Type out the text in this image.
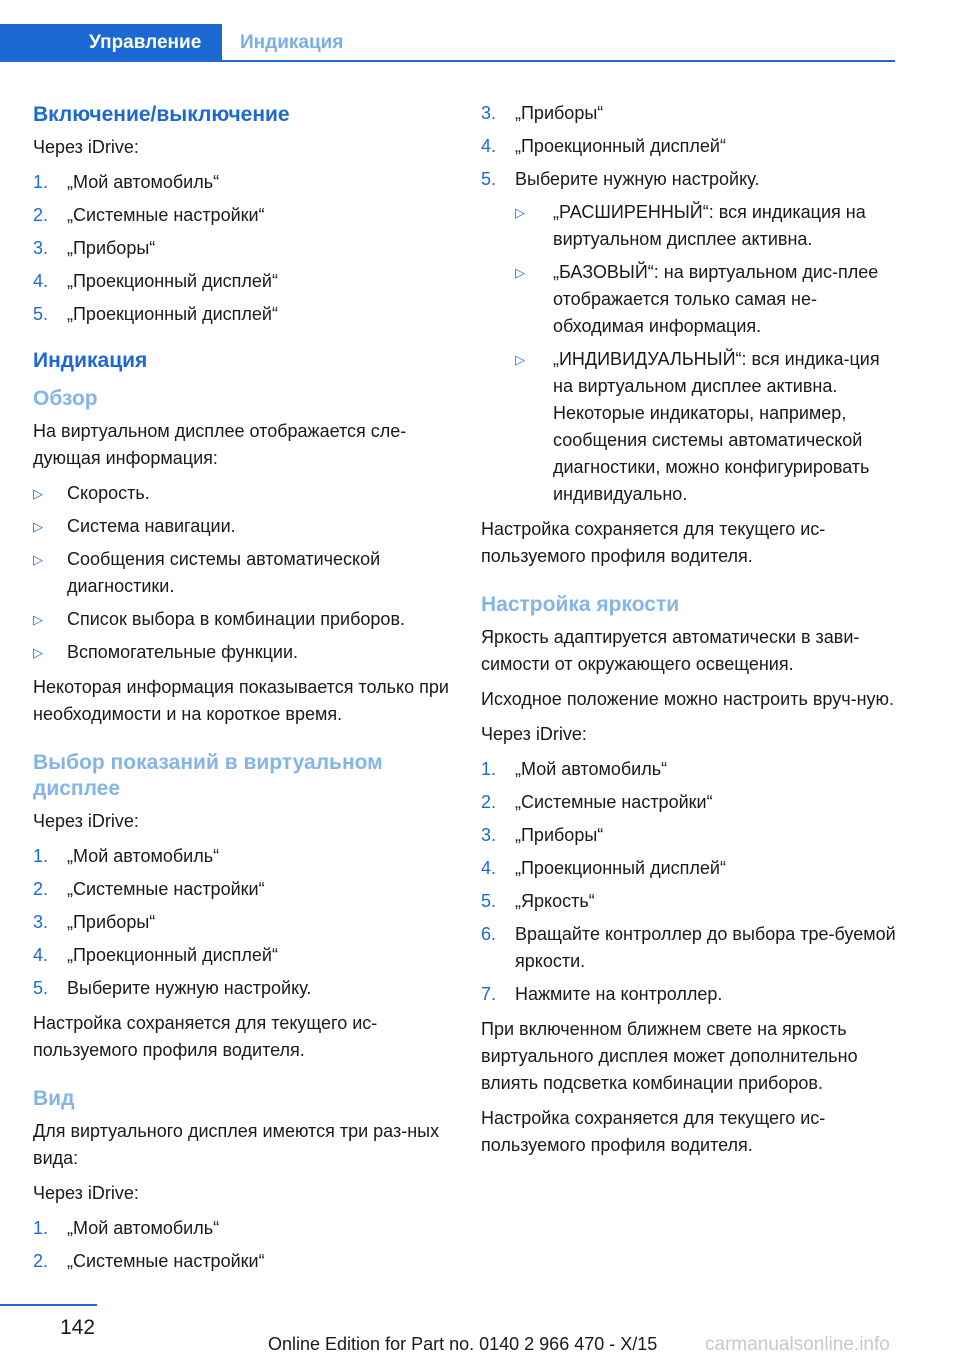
Управление	Индикация
Включение/выключение
Через iDrive:
1. „Мой автомобиль“
2. „Системные настройки“
3. „Приборы“
4. „Проекционный дисплей“
5. „Проекционный дисплей“
Индикация
Обзор
На виртуальном дисплее отображается сле-дующая информация:
▷ Скорость.
▷ Система навигации.
▷ Сообщения системы автоматической диагностики.
▷ Список выбора в комбинации приборов.
▷ Вспомогательные функции.
Некоторая информация показывается только при необходимости и на короткое время.
Выбор показаний в виртуальном дисплее
Через iDrive:
1. „Мой автомобиль“
2. „Системные настройки“
3. „Приборы“
4. „Проекционный дисплей“
5. Выберите нужную настройку.
Настройка сохраняется для текущего ис-пользуемого профиля водителя.
Вид
Для виртуального дисплея имеются три раз-ных вида:
Через iDrive:
1. „Мой автомобиль“
2. „Системные настройки“
3. „Приборы“
4. „Проекционный дисплей“
5. Выберите нужную настройку.
▷ „РАСШИРЕННЫЙ“: вся индикация на виртуальном дисплее активна.
▷ „БАЗОВЫЙ“: на виртуальном дис-плее отображается только самая не-обходимая информация.
▷ „ИНДИВИДУАЛЬНЫЙ“: вся индика-ция на виртуальном дисплее активна. Некоторые индикаторы, например, сообщения системы автоматической диагностики, можно конфигурировать индивидуально.
Настройка сохраняется для текущего ис-пользуемого профиля водителя.
Настройка яркости
Яркость адаптируется автоматически в зави-симости от окружающего освещения.
Исходное положение можно настроить вруч-ную.
Через iDrive:
1. „Мой автомобиль“
2. „Системные настройки“
3. „Приборы“
4. „Проекционный дисплей“
5. „Яркость“
6. Вращайте контроллер до выбора тре-буемой яркости.
7. Нажмите на контроллер.
При включенном ближнем свете на яркость виртуального дисплея может дополнительно влиять подсветка комбинации приборов.
Настройка сохраняется для текущего ис-пользуемого профиля водителя.
142
Online Edition for Part no. 0140 2 966 470 - X/15	carmanualsonline.info
